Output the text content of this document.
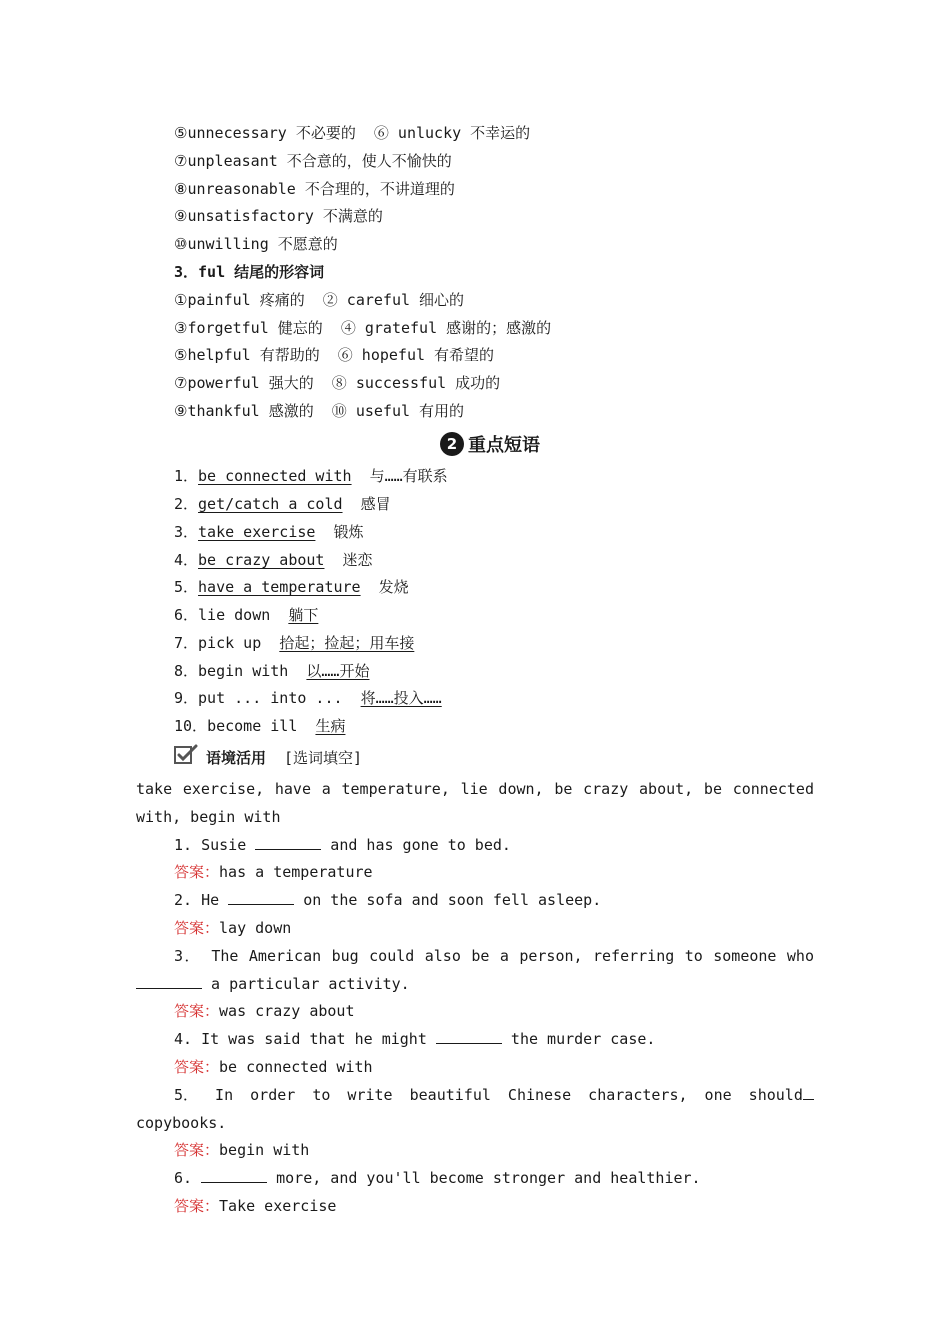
⑤unnecessary 不必要的  ⑥ unlucky 不幸运的
⑦unpleasant 不合意的，使人不愉快的
⑧unreasonable 不合理的，不讲道理的
⑨unsatisfactory 不满意的
⑩unwilling 不愿意的
3．ful 结尾的形容词
①painful 疼痛的  ② careful 细心的
③forgetful 健忘的  ④ grateful 感谢的；感激的
⑤helpful 有帮助的  ⑥ hopeful 有希望的
⑦powerful 强大的  ⑧ successful 成功的
⑨thankful 感激的  ⑩ useful 有用的
2 重点短语
1．be connected with 与……有联系
2．get/catch a cold 感冒
3．take exercise 锻炼
4．be crazy about 迷恋
5．have a temperature 发烧
6．lie down 躺下
7．pick up 拾起；捡起；用车接
8．begin with 以……开始
9．put ... into ... 将……投入……
10．become ill 生病
语境活用 [选词填空]
take exercise, have a temperature, lie down, be crazy about, be connected
with, begin with
1. Susie	and has gone to bed.
答案：has a temperature
2. He	on the sofa and soon fell asleep.
答案：lay down
3． The American bug could also be a person, referring to someone who
a particular activity.
答案：was crazy about
4. It was said that he might	the murder case.
答案：be connected with
5． In order to write beautiful Chinese characters, one should
copybooks.
答案：begin with
6.	more, and you'll become stronger and healthier.
答案：Take exercise
